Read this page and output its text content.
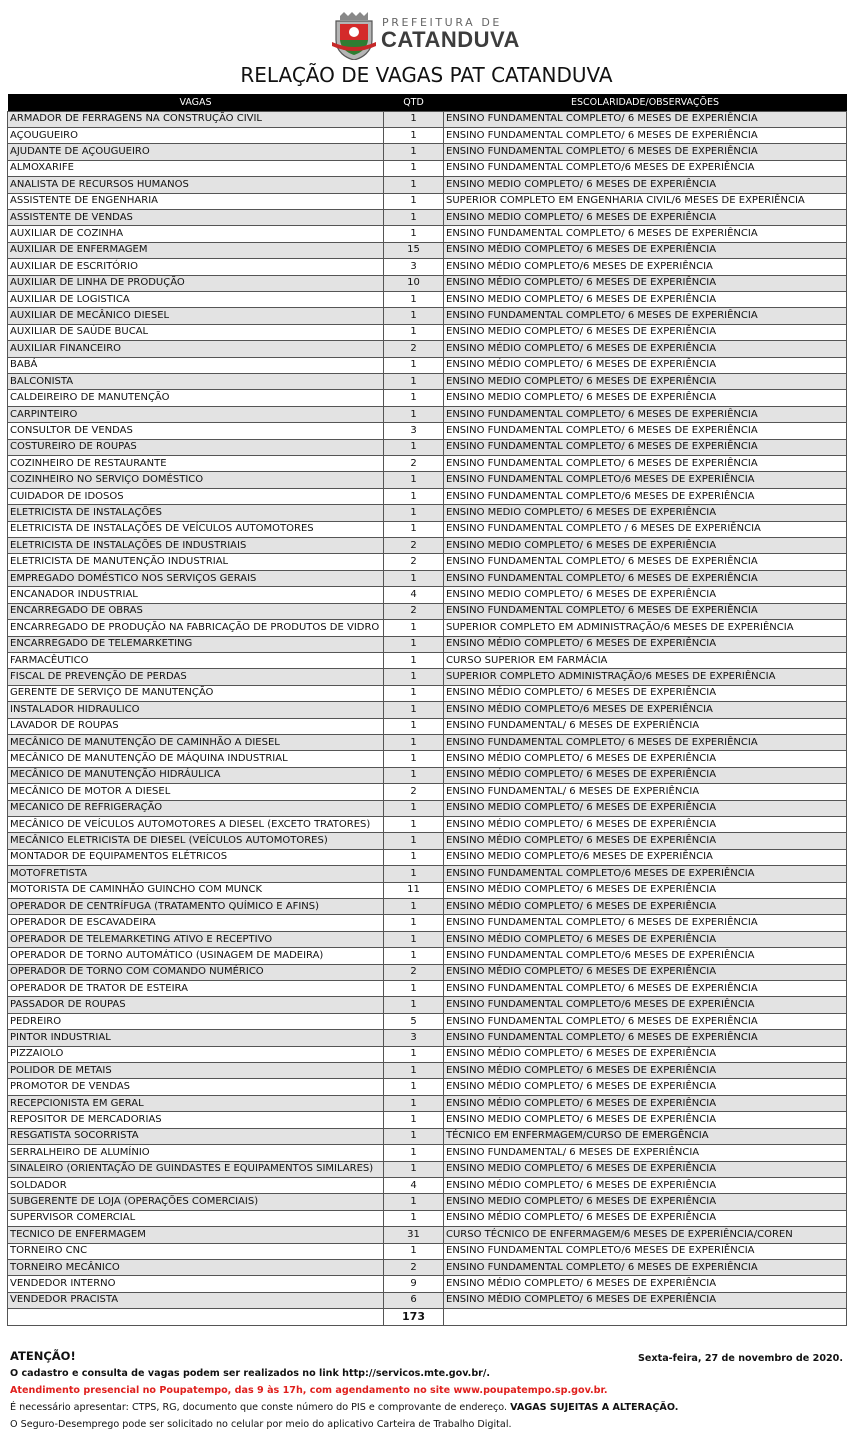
PREFEITURA DE
CATANDUVA
RELAÇÃO DE VAGAS PAT CATANDUVA
VAGAS	QTD	ESCOLARIDADE/OBSERVAÇÕES
ARMADOR DE FERRAGENS NA CONSTRUÇÃO CIVIL	1	ENSINO FUNDAMENTAL COMPLETO/ 6 MESES DE EXPERIÊNCIA
AÇOUGUEIRO	1	ENSINO FUNDAMENTAL COMPLETO/ 6 MESES DE EXPERIÊNCIA
AJUDANTE DE AÇOUGUEIRO	1	ENSINO FUNDAMENTAL COMPLETO/ 6 MESES DE EXPERIÊNCIA
ALMOXARIFE	1	ENSINO FUNDAMENTAL COMPLETO/6 MESES DE EXPERIÊNCIA
ANALISTA DE RECURSOS HUMANOS	1	ENSINO MEDIO COMPLETO/ 6 MESES DE EXPERIÊNCIA
ASSISTENTE DE ENGENHARIA	1	SUPERIOR COMPLETO EM ENGENHARIA CIVIL/6 MESES DE EXPERIÊNCIA
ASSISTENTE DE VENDAS	1	ENSINO MEDIO COMPLETO/ 6 MESES DE EXPERIÊNCIA
AUXILIAR DE COZINHA	1	ENSINO FUNDAMENTAL COMPLETO/ 6 MESES DE EXPERIÊNCIA
AUXILIAR DE ENFERMAGEM	15	ENSINO MÉDIO COMPLETO/ 6 MESES DE EXPERIÊNCIA
AUXILIAR DE ESCRITÓRIO	3	ENSINO MÉDIO COMPLETO/6 MESES DE EXPERIÊNCIA
AUXILIAR DE LINHA DE PRODUÇÃO	10	ENSINO MÉDIO COMPLETO/ 6 MESES DE EXPERIÊNCIA
AUXILIAR DE LOGISTICA	1	ENSINO MEDIO COMPLETO/ 6 MESES DE EXPERIÊNCIA
AUXILIAR DE MECÂNICO DIESEL	1	ENSINO FUNDAMENTAL COMPLETO/ 6 MESES DE EXPERIÊNCIA
AUXILIAR DE SAÚDE BUCAL	1	ENSINO MEDIO COMPLETO/ 6 MESES DE EXPERIÊNCIA
AUXILIAR FINANCEIRO	2	ENSINO MÉDIO COMPLETO/ 6 MESES DE EXPERIÊNCIA
BABÁ	1	ENSINO MÉDIO COMPLETO/ 6 MESES DE EXPERIÊNCIA
BALCONISTA	1	ENSINO MEDIO COMPLETO/ 6 MESES DE EXPERIÊNCIA
CALDEIREIRO DE MANUTENÇÃO	1	ENSINO MEDIO COMPLETO/ 6 MESES DE EXPERIÊNCIA
CARPINTEIRO	1	ENSINO FUNDAMENTAL COMPLETO/ 6 MESES DE EXPERIÊNCIA
CONSULTOR DE VENDAS	3	ENSINO FUNDAMENTAL COMPLETO/ 6 MESES DE EXPERIÊNCIA
COSTUREIRO DE ROUPAS	1	ENSINO FUNDAMENTAL COMPLETO/ 6 MESES DE EXPERIÊNCIA
COZINHEIRO DE RESTAURANTE	2	ENSINO FUNDAMENTAL COMPLETO/ 6 MESES DE EXPERIÊNCIA
COZINHEIRO NO SERVIÇO DOMÉSTICO	1	ENSINO FUNDAMENTAL COMPLETO/6 MESES DE EXPERIÊNCIA
CUIDADOR DE IDOSOS	1	ENSINO FUNDAMENTAL COMPLETO/6 MESES DE EXPERIÊNCIA
ELETRICISTA DE INSTALAÇÕES	1	ENSINO MEDIO COMPLETO/ 6 MESES DE EXPERIÊNCIA
ELETRICISTA DE INSTALAÇÕES DE VEÍCULOS AUTOMOTORES	1	ENSINO FUNDAMENTAL COMPLETO / 6 MESES DE EXPERIÊNCIA
ELETRICISTA DE INSTALAÇÕES DE INDUSTRIAIS	2	ENSINO MEDIO COMPLETO/ 6 MESES DE EXPERIÊNCIA
ELETRICISTA DE MANUTENÇÃO INDUSTRIAL	2	ENSINO FUNDAMENTAL COMPLETO/ 6 MESES DE EXPERIÊNCIA
EMPREGADO DOMÉSTICO NOS SERVIÇOS GERAIS	1	ENSINO FUNDAMENTAL COMPLETO/ 6 MESES DE EXPERIÊNCIA
ENCANADOR INDUSTRIAL	4	ENSINO MEDIO COMPLETO/ 6 MESES DE EXPERIÊNCIA
ENCARREGADO DE OBRAS	2	ENSINO FUNDAMENTAL COMPLETO/ 6 MESES DE EXPERIÊNCIA
ENCARREGADO DE PRODUÇÃO NA FABRICAÇÃO DE PRODUTOS DE VIDRO	1	SUPERIOR COMPLETO EM ADMINISTRAÇÃO/6 MESES DE EXPERIÊNCIA
ENCARREGADO DE TELEMARKETING	1	ENSINO MÉDIO COMPLETO/ 6 MESES DE EXPERIÊNCIA
FARMACÊUTICO	1	CURSO SUPERIOR EM FARMÁCIA
FISCAL DE PREVENÇÃO DE PERDAS	1	SUPERIOR COMPLETO ADMINISTRAÇÃO/6 MESES DE EXPERIÊNCIA
GERENTE DE SERVIÇO DE MANUTENÇÃO	1	ENSINO MÉDIO COMPLETO/ 6 MESES DE EXPERIÊNCIA
INSTALADOR HIDRAULICO	1	ENSINO MÉDIO COMPLETO/6 MESES DE EXPERIÊNCIA
LAVADOR DE ROUPAS	1	ENSINO FUNDAMENTAL/ 6 MESES DE EXPERIÊNCIA
MECÂNICO DE MANUTENÇÃO DE CAMINHÃO A DIESEL	1	ENSINO FUNDAMENTAL COMPLETO/ 6 MESES DE EXPERIÊNCIA
MECÂNICO DE MANUTENÇÃO DE MÁQUINA INDUSTRIAL	1	ENSINO MÉDIO COMPLETO/ 6 MESES DE EXPERIÊNCIA
MECÂNICO DE MANUTENÇÃO HIDRÁULICA	1	ENSINO MÉDIO COMPLETO/ 6 MESES DE EXPERIÊNCIA
MECÂNICO DE MOTOR A DIESEL	2	ENSINO FUNDAMENTAL/ 6 MESES DE EXPERIÊNCIA
MECANICO DE REFRIGERAÇÃO	1	ENSINO MEDIO COMPLETO/ 6 MESES DE EXPERIÊNCIA
MECÂNICO DE VEÍCULOS AUTOMOTORES A DIESEL (EXCETO TRATORES)	1	ENSINO MÉDIO COMPLETO/ 6 MESES DE EXPERIÊNCIA
MECÂNICO ELETRICISTA DE DIESEL (VEÍCULOS AUTOMOTORES)	1	ENSINO MÉDIO COMPLETO/ 6 MESES DE EXPERIÊNCIA
MONTADOR DE EQUIPAMENTOS ELÉTRICOS	1	ENSINO MEDIO COMPLETO/6 MESES DE EXPERIÊNCIA
MOTOFRETISTA	1	ENSINO FUNDAMENTAL COMPLETO/6 MESES DE EXPERIÊNCIA
MOTORISTA DE CAMINHÃO GUINCHO COM MUNCK	11	ENSINO MÉDIO COMPLETO/ 6 MESES DE EXPERIÊNCIA
OPERADOR DE CENTRÍFUGA (TRATAMENTO QUÍMICO E AFINS)	1	ENSINO MÉDIO COMPLETO/ 6 MESES DE EXPERIÊNCIA
OPERADOR DE ESCAVADEIRA	1	ENSINO FUNDAMENTAL COMPLETO/ 6 MESES DE EXPERIÊNCIA
OPERADOR DE TELEMARKETING ATIVO E RECEPTIVO	1	ENSINO MÉDIO COMPLETO/ 6 MESES DE EXPERIÊNCIA
OPERADOR DE TORNO AUTOMÁTICO (USINAGEM DE MADEIRA)	1	ENSINO FUNDAMENTAL COMPLETO/6 MESES DE EXPERIÊNCIA
OPERADOR DE TORNO COM COMANDO NUMÉRICO	2	ENSINO MÉDIO COMPLETO/ 6 MESES DE EXPERIÊNCIA
OPERADOR DE TRATOR DE ESTEIRA	1	ENSINO FUNDAMENTAL COMPLETO/ 6 MESES DE EXPERIÊNCIA
PASSADOR DE ROUPAS	1	ENSINO FUNDAMENTAL COMPLETO/6 MESES DE EXPERIÊNCIA
PEDREIRO	5	ENSINO FUNDAMENTAL COMPLETO/ 6 MESES DE EXPERIÊNCIA
PINTOR INDUSTRIAL	3	ENSINO FUNDAMENTAL COMPLETO/ 6 MESES DE EXPERIÊNCIA
PIZZAIOLO	1	ENSINO MÉDIO COMPLETO/ 6 MESES DE EXPERIÊNCIA
POLIDOR DE METAIS	1	ENSINO MÉDIO COMPLETO/ 6 MESES DE EXPERIÊNCIA
PROMOTOR DE VENDAS	1	ENSINO MÉDIO COMPLETO/ 6 MESES DE EXPERIÊNCIA
RECEPCIONISTA EM GERAL	1	ENSINO MÉDIO COMPLETO/ 6 MESES DE EXPERIÊNCIA
REPOSITOR DE MERCADORIAS	1	ENSINO MEDIO COMPLETO/ 6 MESES DE EXPERIÊNCIA
RESGATISTA SOCORRISTA	1	TÉCNICO EM ENFERMAGEM/CURSO DE EMERGÊNCIA
SERRALHEIRO DE ALUMÍNIO	1	ENSINO FUNDAMENTAL/ 6 MESES DE EXPERIÊNCIA
SINALEIRO (ORIENTAÇÃO DE GUINDASTES E EQUIPAMENTOS SIMILARES)	1	ENSINO MEDIO COMPLETO/ 6 MESES DE EXPERIÊNCIA
SOLDADOR	4	ENSINO MÉDIO COMPLETO/ 6 MESES DE EXPERIÊNCIA
SUBGERENTE DE LOJA (OPERAÇÕES COMERCIAIS)	1	ENSINO MEDIO COMPLETO/ 6 MESES DE EXPERIÊNCIA
SUPERVISOR COMERCIAL	1	ENSINO MÉDIO COMPLETO/ 6 MESES DE EXPERIÊNCIA
TECNICO DE ENFERMAGEM	31	CURSO TÉCNICO DE ENFERMAGEM/6 MESES DE EXPERIÊNCIA/COREN
TORNEIRO CNC	1	ENSINO FUNDAMENTAL COMPLETO/6 MESES DE EXPERIÊNCIA
TORNEIRO MECÂNICO	2	ENSINO FUNDAMENTAL COMPLETO/ 6 MESES DE EXPERIÊNCIA
VENDEDOR INTERNO	9	ENSINO MÉDIO COMPLETO/ 6 MESES DE EXPERIÊNCIA
VENDEDOR PRACISTA	6	ENSINO MÉDIO COMPLETO/ 6 MESES DE EXPERIÊNCIA
	173	
ATENÇÃO!	Sexta-feira, 27 de novembro de 2020.
O cadastro e consulta de vagas podem ser realizados no link http://servicos.mte.gov.br/.
Atendimento presencial no Poupatempo, das 9 às 17h, com agendamento no site www.poupatempo.sp.gov.br.
É necessário apresentar: CTPS, RG, documento que conste número do PIS e comprovante de endereço. VAGAS SUJEITAS A ALTERAÇÃO.
O Seguro-Desemprego pode ser solicitado no celular por meio do aplicativo Carteira de Trabalho Digital.
